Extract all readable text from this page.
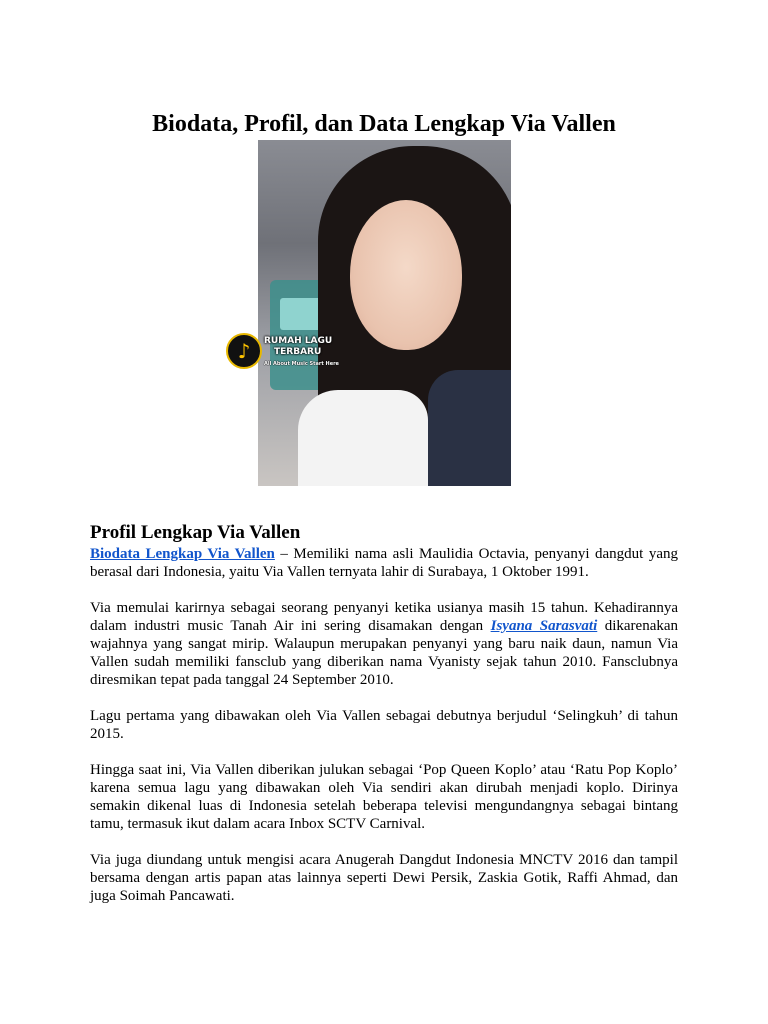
Biodata, Profil, dan Data Lengkap Via Vallen
♪	RUMAH LAGU
TERBARU
All About Music Start Here
Profil Lengkap Via Vallen

Biodata Lengkap Via Vallen – Memiliki nama asli Maulidia Octavia, penyanyi dangdut yang berasal dari Indonesia, yaitu Via Vallen ternyata lahir di Surabaya, 1 Oktober 1991.

Via memulai karirnya sebagai seorang penyanyi ketika usianya masih 15 tahun. Kehadirannya dalam industri music Tanah Air ini sering disamakan dengan Isyana Sarasvati dikarenakan wajahnya yang sangat mirip. Walaupun merupakan penyanyi yang baru naik daun, namun Via Vallen sudah memiliki fansclub yang diberikan nama Vyanisty sejak tahun 2010. Fansclubnya diresmikan tepat pada tanggal 24 September 2010.

Lagu pertama yang dibawakan oleh Via Vallen sebagai debutnya berjudul ‘Selingkuh’ di tahun 2015.

Hingga saat ini, Via Vallen diberikan julukan sebagai ‘Pop Queen Koplo’ atau ‘Ratu Pop Koplo’ karena semua lagu yang dibawakan oleh Via sendiri akan dirubah menjadi koplo. Dirinya semakin dikenal luas di Indonesia setelah beberapa televisi mengundangnya sebagai bintang tamu, termasuk ikut dalam acara Inbox SCTV Carnival.

Via juga diundang untuk mengisi acara Anugerah Dangdut Indonesia MNCTV 2016 dan tampil bersama dengan artis papan atas lainnya seperti Dewi Persik, Zaskia Gotik, Raffi Ahmad, dan juga Soimah Pancawati.
